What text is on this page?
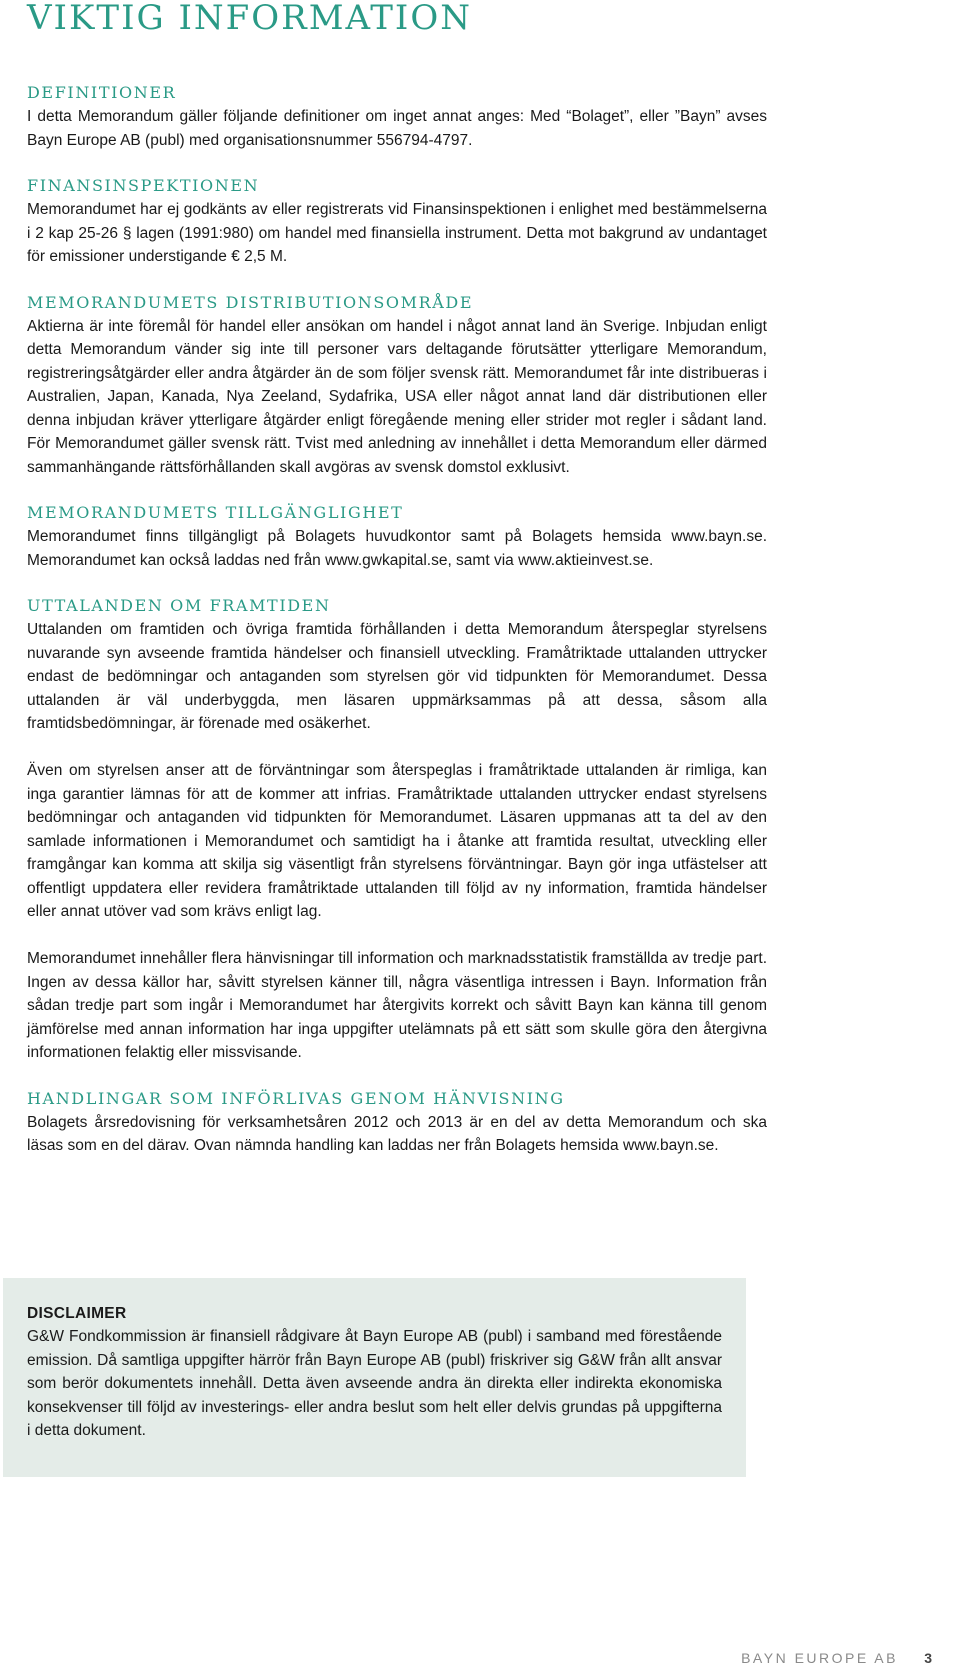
VIKTIG INFORMATION
DEFINITIONER

I detta Memorandum gäller följande definitioner om inget annat anges: Med “Bolaget”, eller ”Bayn” avses Bayn Europe AB (publ) med organisationsnummer 556794-4797.

FINANSINSPEKTIONEN

Memorandumet har ej godkänts av eller registrerats vid Finansinspektionen i enlighet med bestämmelserna i 2 kap 25-26 § lagen (1991:980) om handel med finansiella instrument. Detta mot bakgrund av undantaget för emissioner understigande € 2,5 M.

MEMORANDUMETS DISTRIBUTIONSOMRÅDE

Aktierna är inte föremål för handel eller ansökan om handel i något annat land än Sverige. Inbjudan enligt detta Memorandum vänder sig inte till personer vars deltagande förutsätter ytterligare Memorandum, registreringsåtgärder eller andra åtgärder än de som följer svensk rätt. Memorandumet får inte distribueras i Australien, Japan, Kanada, Nya Zeeland, Sydafrika, USA eller något annat land där distributionen eller denna inbjudan kräver ytterligare åtgärder enligt föregående mening eller strider mot regler i sådant land. För Memorandumet gäller svensk rätt. Tvist med anledning av innehållet i detta Memorandum eller därmed sammanhängande rättsförhållanden skall avgöras av svensk domstol exklusivt.

MEMORANDUMETS TILLGÄNGLIGHET

Memorandumet finns tillgängligt på Bolagets huvudkontor samt på Bolagets hemsida www.bayn.se. Memorandumet kan också laddas ned från www.gwkapital.se, samt via www.aktieinvest.se.

UTTALANDEN OM FRAMTIDEN

Uttalanden om framtiden och övriga framtida förhållanden i detta Memorandum återspeglar styrelsens nuvarande syn avseende framtida händelser och finansiell utveckling. Framåtriktade uttalanden uttrycker endast de bedömningar och antaganden som styrelsen gör vid tidpunkten för Memorandumet. Dessa uttalanden är väl underbyggda, men läsaren uppmärksammas på att dessa, såsom alla framtidsbedömningar, är förenade med osäkerhet.

Även om styrelsen anser att de förväntningar som återspeglas i framåtriktade uttalanden är rimliga, kan inga garantier lämnas för att de kommer att infrias. Framåtriktade uttalanden uttrycker endast styrelsens bedömningar och antaganden vid tidpunkten för Memorandumet. Läsaren uppmanas att ta del av den samlade informationen i Memorandumet och samtidigt ha i åtanke att framtida resultat, utveckling eller framgångar kan komma att skilja sig väsentligt från styrelsens förväntningar. Bayn gör inga utfästelser att offentligt uppdatera eller revidera framåtriktade uttalanden till följd av ny information, framtida händelser eller annat utöver vad som krävs enligt lag.

Memorandumet innehåller flera hänvisningar till information och marknadsstatistik framställda av tredje part. Ingen av dessa källor har, såvitt styrelsen känner till, några väsentliga intressen i Bayn. Information från sådan tredje part som ingår i Memorandumet har återgivits korrekt och såvitt Bayn kan känna till genom jämförelse med annan information har inga uppgifter utelämnats på ett sätt som skulle göra den återgivna informationen felaktig eller missvisande.

HANDLINGAR SOM INFÖRLIVAS GENOM HÄNVISNING

Bolagets årsredovisning för verksamhetsåren 2012 och 2013 är en del av detta Memorandum och ska läsas som en del därav. Ovan nämnda handling kan laddas ner från Bolagets hemsida www.bayn.se.

DISCLAIMER

G&W Fondkommission är finansiell rådgivare åt Bayn Europe AB (publ) i samband med förestående emission. Då samtliga uppgifter härrör från Bayn Europe AB (publ) friskriver sig G&W från allt ansvar som berör dokumentets innehåll. Detta även avseende andra än direkta eller indirekta ekonomiska konsekvenser till följd av investerings- eller andra beslut som helt eller delvis grundas på uppgifterna i detta dokument.

BAYN EUROPE AB 3
